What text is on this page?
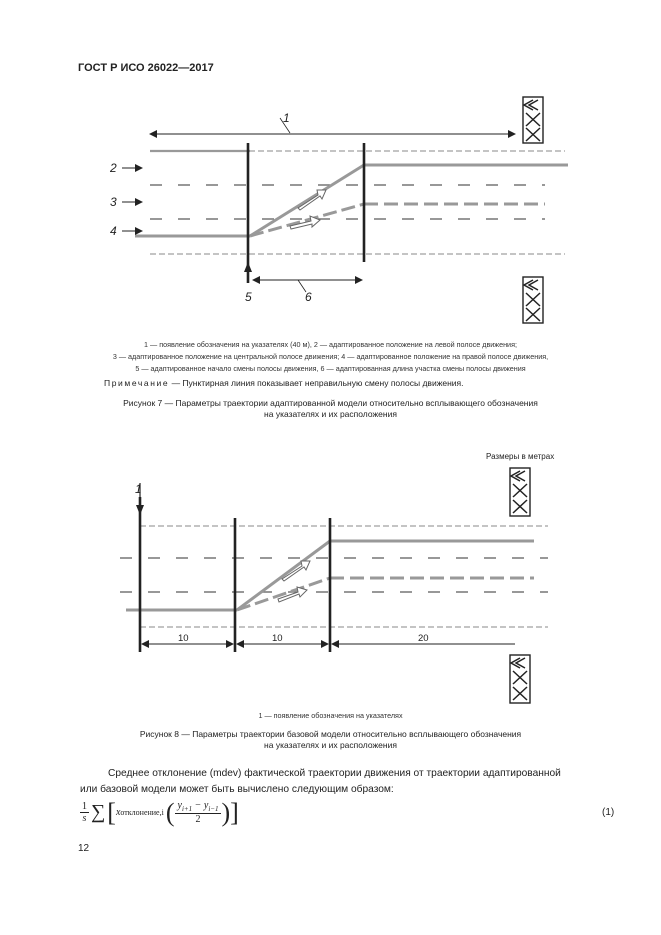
ГОСТ Р ИСО 26022—2017
1
2
3
4
5	6
10	10	20
1
1 — появление обозначения на указателях (40 м), 2 — адаптированное положение на левой полосе движения;
3 — адаптированное положение на центральной полосе движения; 4 — адаптированное положение на правой полосе движения,
5 — адаптированное начало смены полосы движения, 6 — адаптированная длина участка смены полосы движения
Примечание — Пунктирная линия показывает неправильную смену полосы движения.
Рисунок 7 — Параметры траектории адаптированной модели относительно всплывающего обозначения
на указателях и их расположения
Размеры в метрах
1 — появление обозначения на указателях
Рисунок 8 — Параметры траектории базовой модели относительно всплывающего обозначения
на указателях и их расположения
Среднее отклонение (mdev) фактической траектории движения от траектории адаптированной
или базовой модели может быть вычислено следующим образом:
1
s ∑ [ x отклонение,i ( $y_{i+1} - y_{i-1}$
2 ) ]	(1)
12
